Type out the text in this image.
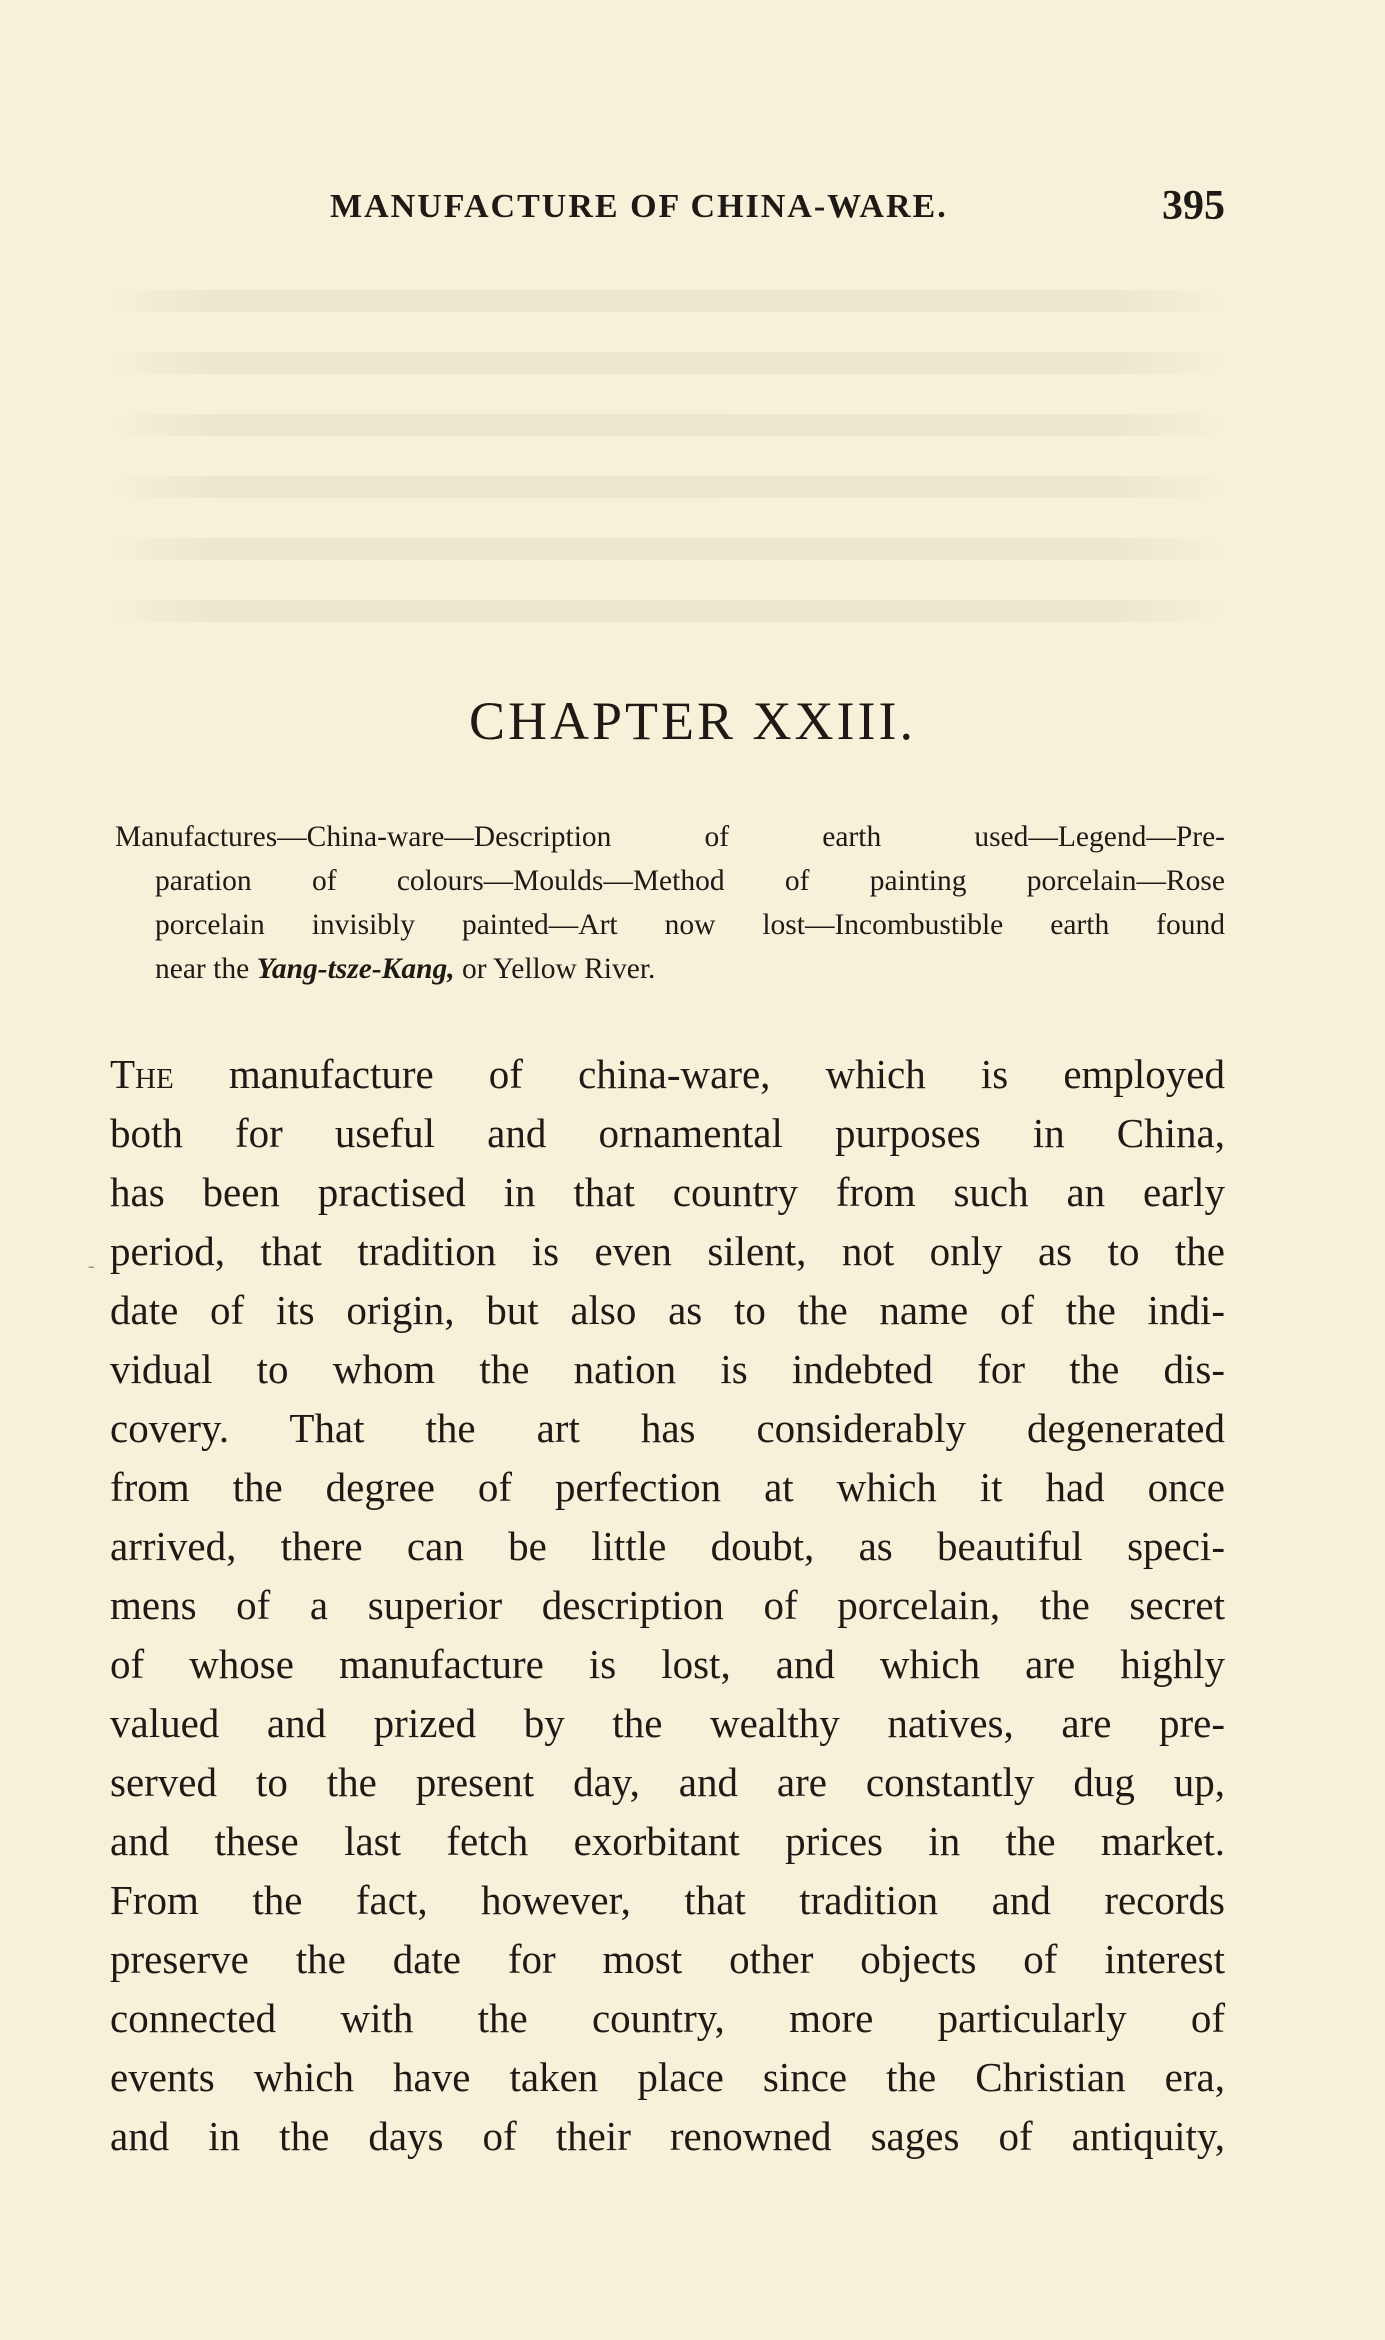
MANUFACTURE OF CHINA-WARE.	395
CHAPTER XXIII.
Manufactures—China-ware—Description of earth used—Legend—Pre-
paration of colours—Moulds—Method of painting porcelain—Rose
porcelain invisibly painted—Art now lost—Incombustible earth found
near the Yang-tsze-Kang, or Yellow River.
-
The manufacture of china-ware, which is employed
both for useful and ornamental purposes in China,
has been practised in that country from such an early
period, that tradition is even silent, not only as to the
date of its origin, but also as to the name of the indi-
vidual to whom the nation is indebted for the dis-
covery. That the art has considerably degenerated
from the degree of perfection at which it had once
arrived, there can be little doubt, as beautiful speci-
mens of a superior description of porcelain, the secret
of whose manufacture is lost, and which are highly
valued and prized by the wealthy natives, are pre-
served to the present day, and are constantly dug up,
and these last fetch exorbitant prices in the market.
From the fact, however, that tradition and records
preserve the date for most other objects of interest
connected with the country, more particularly of
events which have taken place since the Christian era,
and in the days of their renowned sages of antiquity,
